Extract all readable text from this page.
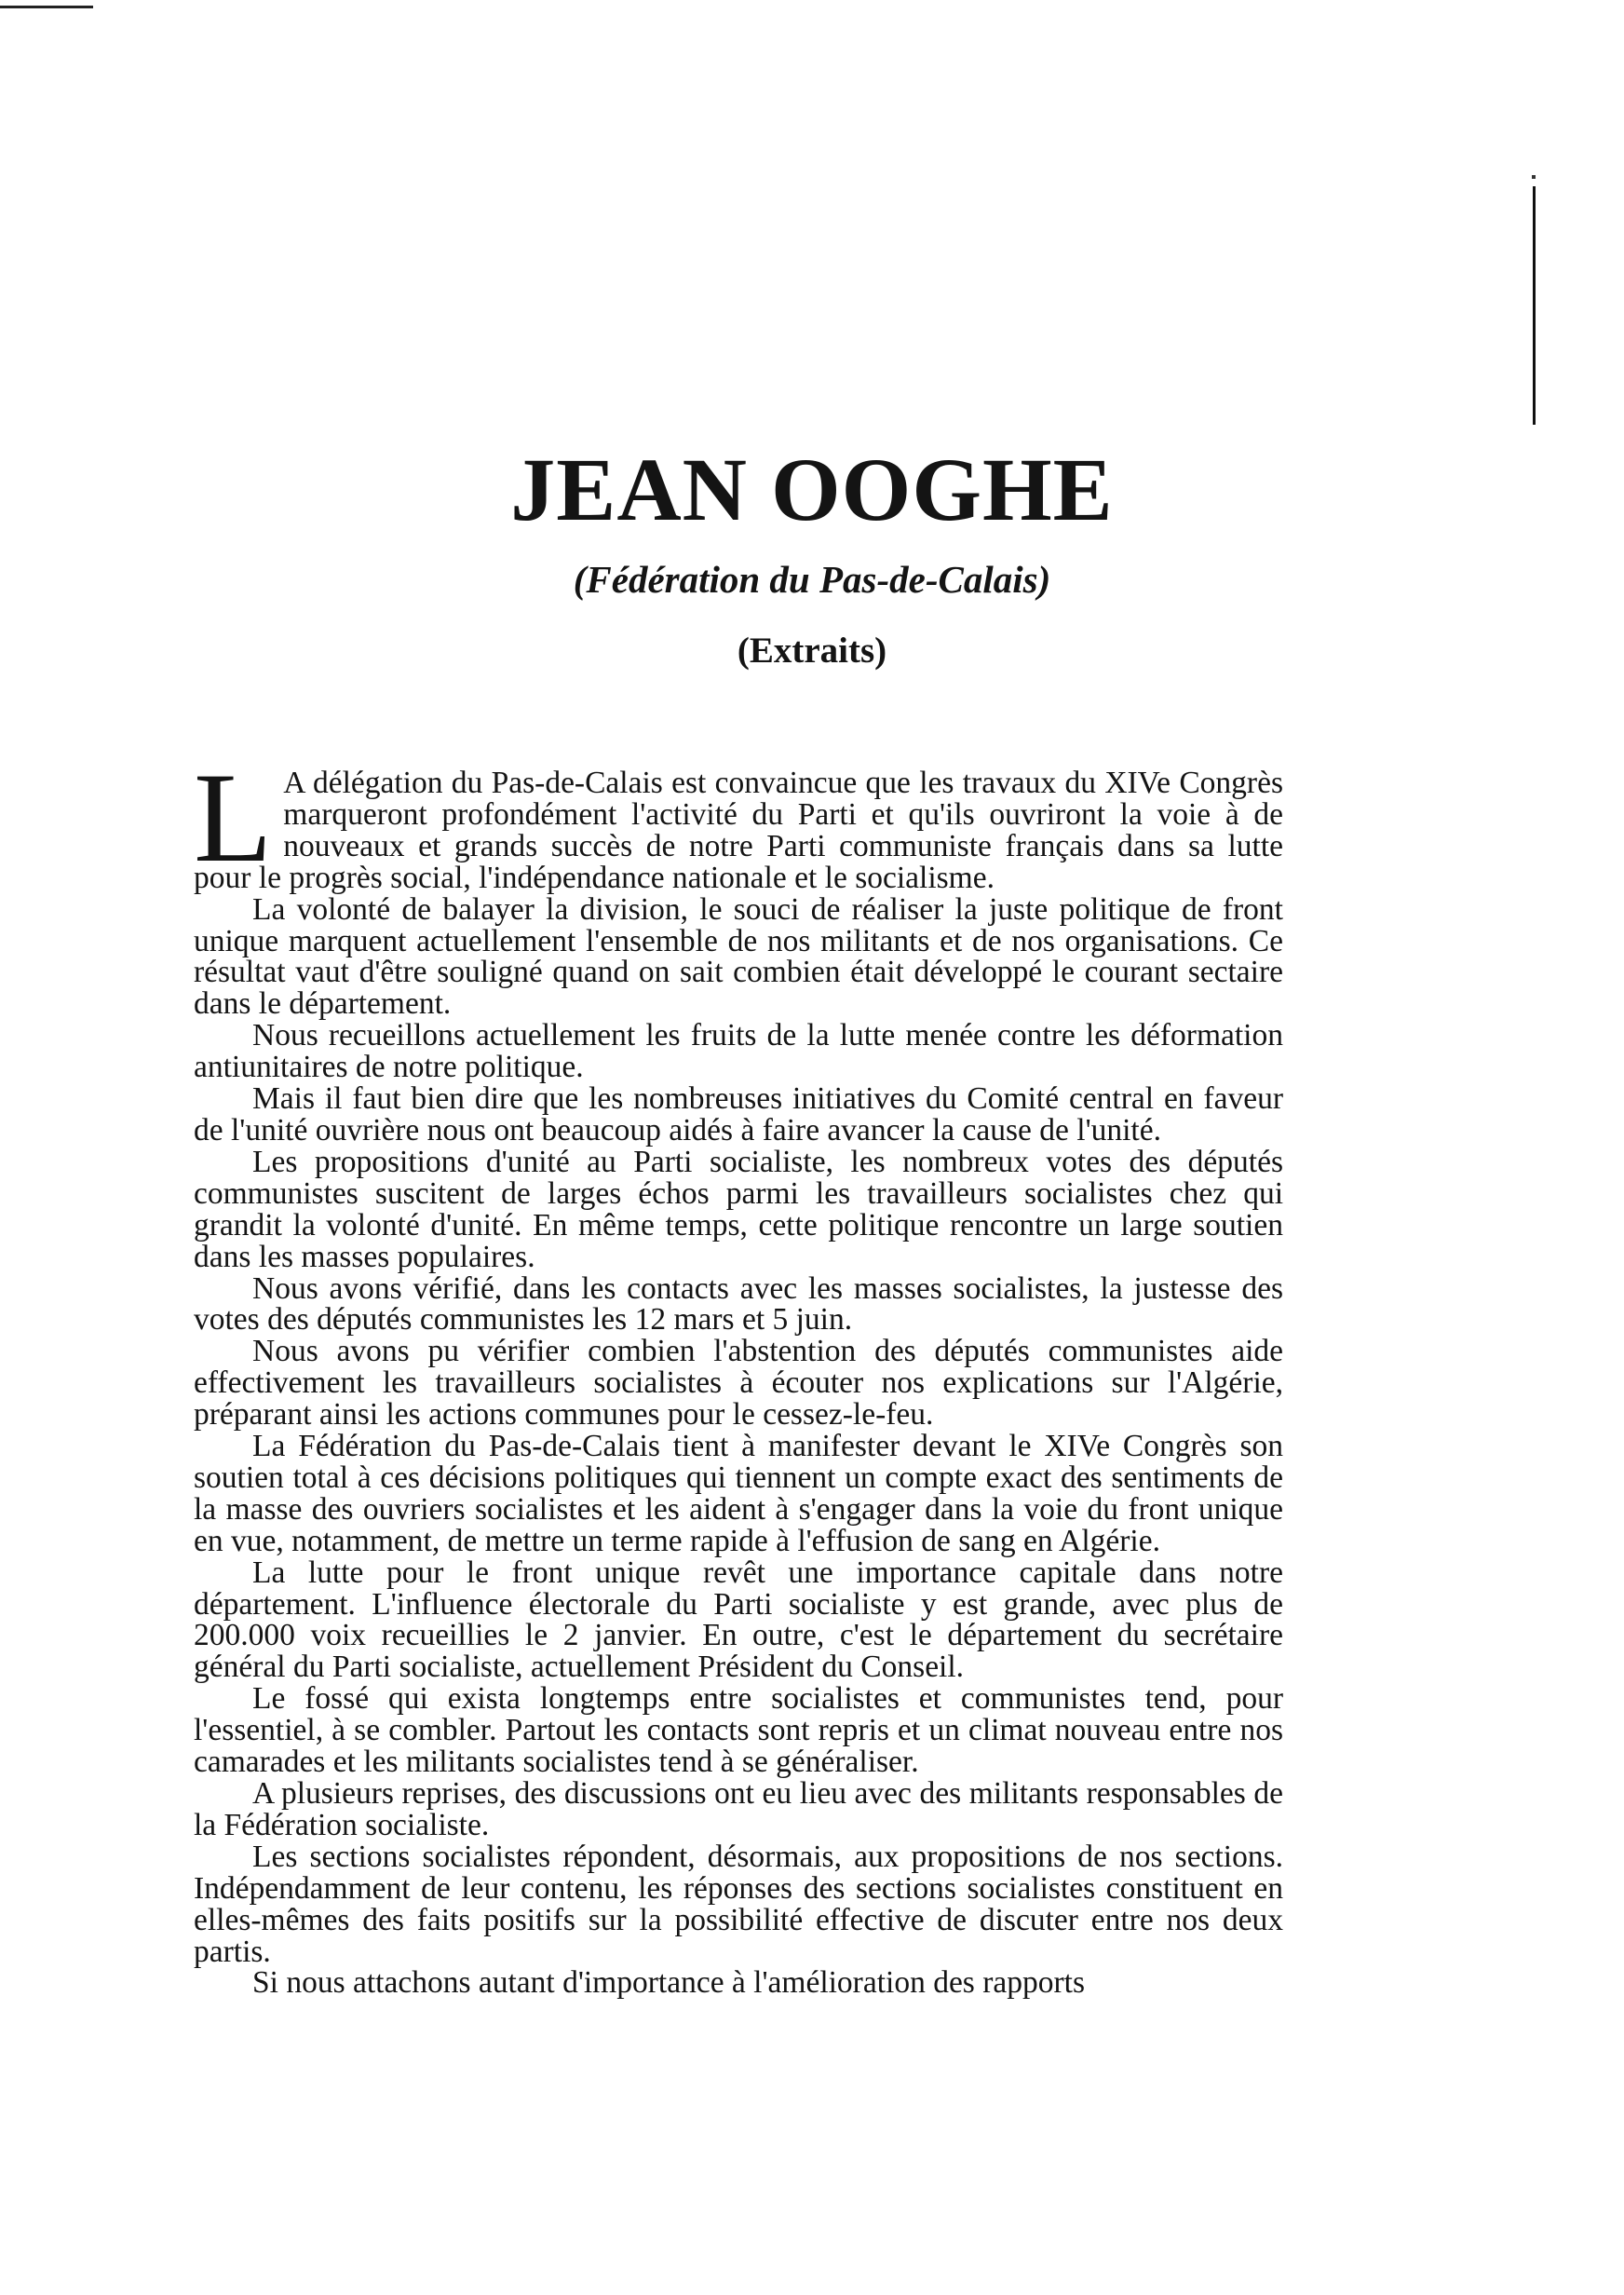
JEAN OOGHE
(Fédération du Pas-de-Calais)
(Extraits)

L A délégation du Pas-de-Calais est convaincue que les travaux du XIVe Congrès marqueront profondément l'activité du Parti et qu'ils ouvriront la voie à de nouveaux et grands succès de notre Parti communiste français dans sa lutte pour le progrès social, l'indépendance nationale et le socialisme.

La volonté de balayer la division, le souci de réaliser la juste politique de front unique marquent actuellement l'ensemble de nos militants et de nos organisations. Ce résultat vaut d'être souligné quand on sait combien était développé le courant sectaire dans le département.

Nous recueillons actuellement les fruits de la lutte menée contre les déformation antiunitaires de notre politique.

Mais il faut bien dire que les nombreuses initiatives du Comité central en faveur de l'unité ouvrière nous ont beaucoup aidés à faire avancer la cause de l'unité.

Les propositions d'unité au Parti socialiste, les nombreux votes des députés communistes suscitent de larges échos parmi les travailleurs socialistes chez qui grandit la volonté d'unité. En même temps, cette politique rencontre un large soutien dans les masses populaires.

Nous avons vérifié, dans les contacts avec les masses socialistes, la justesse des votes des députés communistes les 12 mars et 5 juin.

Nous avons pu vérifier combien l'abstention des députés communistes aide effectivement les travailleurs socialistes à écouter nos explications sur l'Algérie, préparant ainsi les actions communes pour le cessez-le-feu.

La Fédération du Pas-de-Calais tient à manifester devant le XIVe Congrès son soutien total à ces décisions politiques qui tiennent un compte exact des sentiments de la masse des ouvriers socialistes et les aident à s'engager dans la voie du front unique en vue, notamment, de mettre un terme rapide à l'effusion de sang en Algérie.

La lutte pour le front unique revêt une importance capitale dans notre département. L'influence électorale du Parti socialiste y est grande, avec plus de 200.000 voix recueillies le 2 janvier. En outre, c'est le département du secrétaire général du Parti socialiste, actuellement Président du Conseil.

Le fossé qui exista longtemps entre socialistes et communistes tend, pour l'essentiel, à se combler. Partout les contacts sont repris et un climat nouveau entre nos camarades et les militants socialistes tend à se généraliser.

A plusieurs reprises, des discussions ont eu lieu avec des militants responsables de la Fédération socialiste.

Les sections socialistes répondent, désormais, aux propositions de nos sections. Indépendamment de leur contenu, les réponses des sections socialistes constituent en elles-mêmes des faits positifs sur la possibilité effective de discuter entre nos deux partis.

Si nous attachons autant d'importance à l'amélioration des rapports
